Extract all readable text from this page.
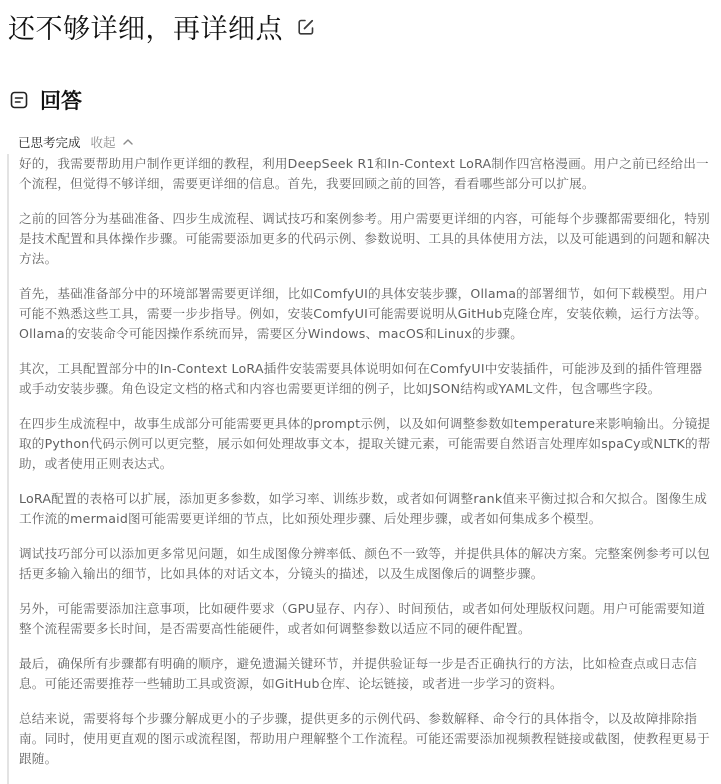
还不够详细，再详细点
回答
已思考完成 收起

好的，我需要帮助用户制作更详细的教程，利用DeepSeek R1和In-Context LoRA制作四宫格漫画。用户之前已经给出一个流程，但觉得不够详细，需要更详细的信息。首先，我要回顾之前的回答，看看哪些部分可以扩展。

之前的回答分为基础准备、四步生成流程、调试技巧和案例参考。用户需要更详细的内容，可能每个步骤都需要细化，特别是技术配置和具体操作步骤。可能需要添加更多的代码示例、参数说明、工具的具体使用方法，以及可能遇到的问题和解决方法。

首先，基础准备部分中的环境部署需要更详细，比如ComfyUI的具体安装步骤，Ollama的部署细节，如何下载模型。用户可能不熟悉这些工具，需要一步步指导。例如，安装ComfyUI可能需要说明从GitHub克隆仓库，安装依赖，运行方法等。Ollama的安装命令可能因操作系统而异，需要区分Windows、macOS和Linux的步骤。

其次，工具配置部分中的In-Context LoRA插件安装需要具体说明如何在ComfyUI中安装插件，可能涉及到的插件管理器或手动安装步骤。角色设定文档的格式和内容也需要更详细的例子，比如JSON结构或YAML文件，包含哪些字段。

在四步生成流程中，故事生成部分可能需要更具体的prompt示例，以及如何调整参数如temperature来影响输出。分镜提取的Python代码示例可以更完整，展示如何处理故事文本，提取关键元素，可能需要自然语言处理库如spaCy或NLTK的帮助，或者使用正则表达式。

LoRA配置的表格可以扩展，添加更多参数，如学习率、训练步数，或者如何调整rank值来平衡过拟合和欠拟合。图像生成工作流的mermaid图可能需要更详细的节点，比如预处理步骤、后处理步骤，或者如何集成多个模型。

调试技巧部分可以添加更多常见问题，如生成图像分辨率低、颜色不一致等，并提供具体的解决方案。完整案例参考可以包括更多输入输出的细节，比如具体的对话文本，分镜头的描述，以及生成图像后的调整步骤。

另外，可能需要添加注意事项，比如硬件要求（GPU显存、内存）、时间预估，或者如何处理版权问题。用户可能需要知道整个流程需要多长时间，是否需要高性能硬件，或者如何调整参数以适应不同的硬件配置。

最后，确保所有步骤都有明确的顺序，避免遗漏关键环节，并提供验证每一步是否正确执行的方法，比如检查点或日志信息。可能还需要推荐一些辅助工具或资源，如GitHub仓库、论坛链接，或者进一步学习的资料。

总结来说，需要将每个步骤分解成更小的子步骤，提供更多的示例代码、参数解释、命令行的具体指令，以及故障排除指南。同时，使用更直观的图示或流程图，帮助用户理解整个工作流程。可能还需要添加视频教程链接或截图，使教程更易于跟随。
